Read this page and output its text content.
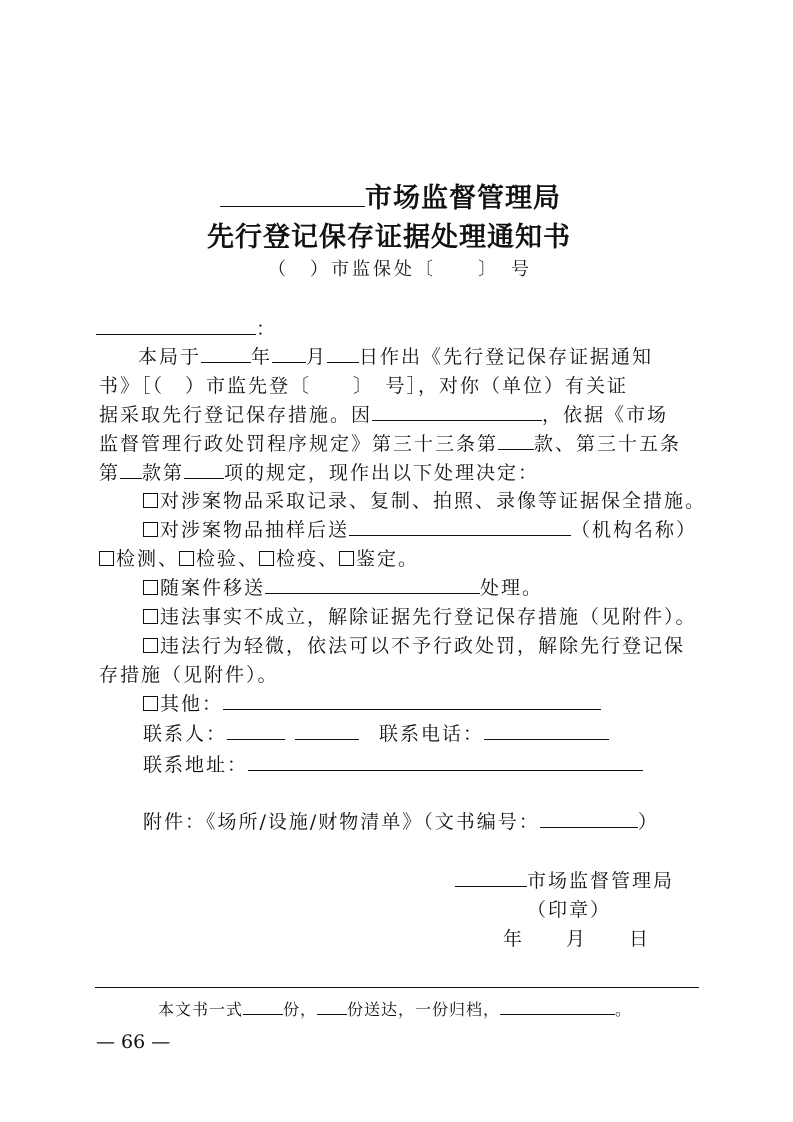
市场监督管理局
先行登记保存证据处理通知书
（　）市监保处〔　　〕　号
：
本局于	年 月 日作出《先行登记保存证据通知
书》［（　）市监先登〔　　〕　号］，对你（单位）有关证
据采取先行登记保存措施。因	，依据《市场
监督管理行政处罚程序规定》第三十三条第 款、第三十五条
第 款第 项的规定，现作出以下处理决定：
对涉案物品采取记录、复制、拍照、录像等证据保全措施。
对涉案物品抽样后送	（机构名称）
检测、 检验、 检疫、 鉴定。
随案件移送	处理。
违法事实不成立，解除证据先行登记保存措施（见附件）。
违法行为轻微，依法可以不予行政处罚，解除先行登记保
存措施（见附件）。
其他：
联系人：	联系电话：
联系地址：
附件：《场所/设施/财物清单》（文书编号：	）
市场监督管理局
（印章）
年　　月　　日
本文书一式	份， 份送达，一份归档，	。
— 66 —
